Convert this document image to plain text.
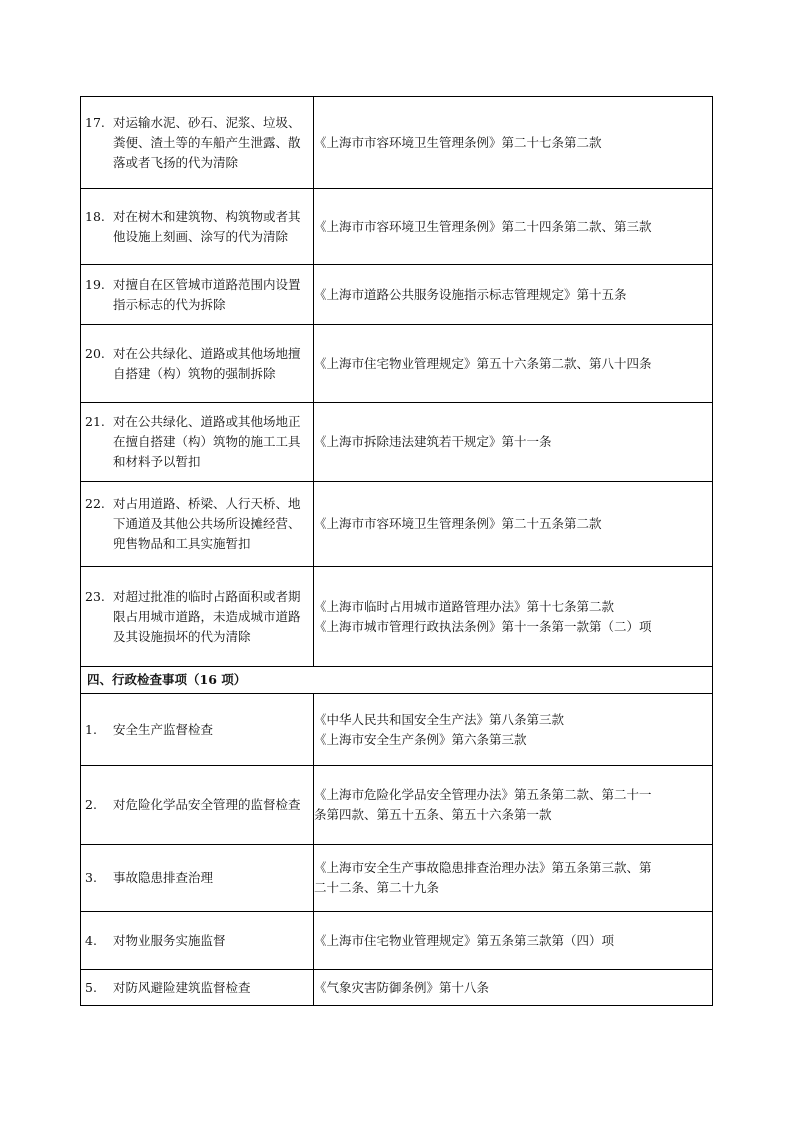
17. 对运输水泥、砂石、泥浆、垃圾、粪便、渣土等的车船产生泄露、散落或者飞扬的代为清除	《上海市市容环境卫生管理条例》第二十七条第二款

18. 对在树木和建筑物、构筑物或者其他设施上刻画、涂写的代为清除	《上海市市容环境卫生管理条例》第二十四条第二款、第三款

19. 对擅自在区管城市道路范围内设置指示标志的代为拆除	《上海市道路公共服务设施指示标志管理规定》第十五条

20. 对在公共绿化、道路或其他场地擅自搭建（构）筑物的强制拆除	《上海市住宅物业管理规定》第五十六条第二款、第八十四条

21. 对在公共绿化、道路或其他场地正在擅自搭建（构）筑物的施工工具和材料予以暂扣	《上海市拆除违法建筑若干规定》第十一条

22. 对占用道路、桥梁、人行天桥、地下通道及其他公共场所设摊经营、兜售物品和工具实施暂扣	《上海市市容环境卫生管理条例》第二十五条第二款

23. 对超过批准的临时占路面积或者期限占用城市道路，未造成城市道路及其设施损坏的代为清除	《上海市临时占用城市道路管理办法》第十七条第二款
《上海市城市管理行政执法条例》第十一条第一款第（二）项

四、行政检查事项（16 项）	

1. 安全生产监督检查	《中华人民共和国安全生产法》第八条第三款
《上海市安全生产条例》第六条第三款

2. 对危险化学品安全管理的监督检查	《上海市危险化学品安全管理办法》第五条第二款、第二十一
条第四款、第五十五条、第五十六条第一款

3. 事故隐患排查治理	《上海市安全生产事故隐患排查治理办法》第五条第三款、第
二十二条、第二十九条

4. 对物业服务实施监督	《上海市住宅物业管理规定》第五条第三款第（四）项

5. 对防风避险建筑监督检查	《气象灾害防御条例》第十八条
